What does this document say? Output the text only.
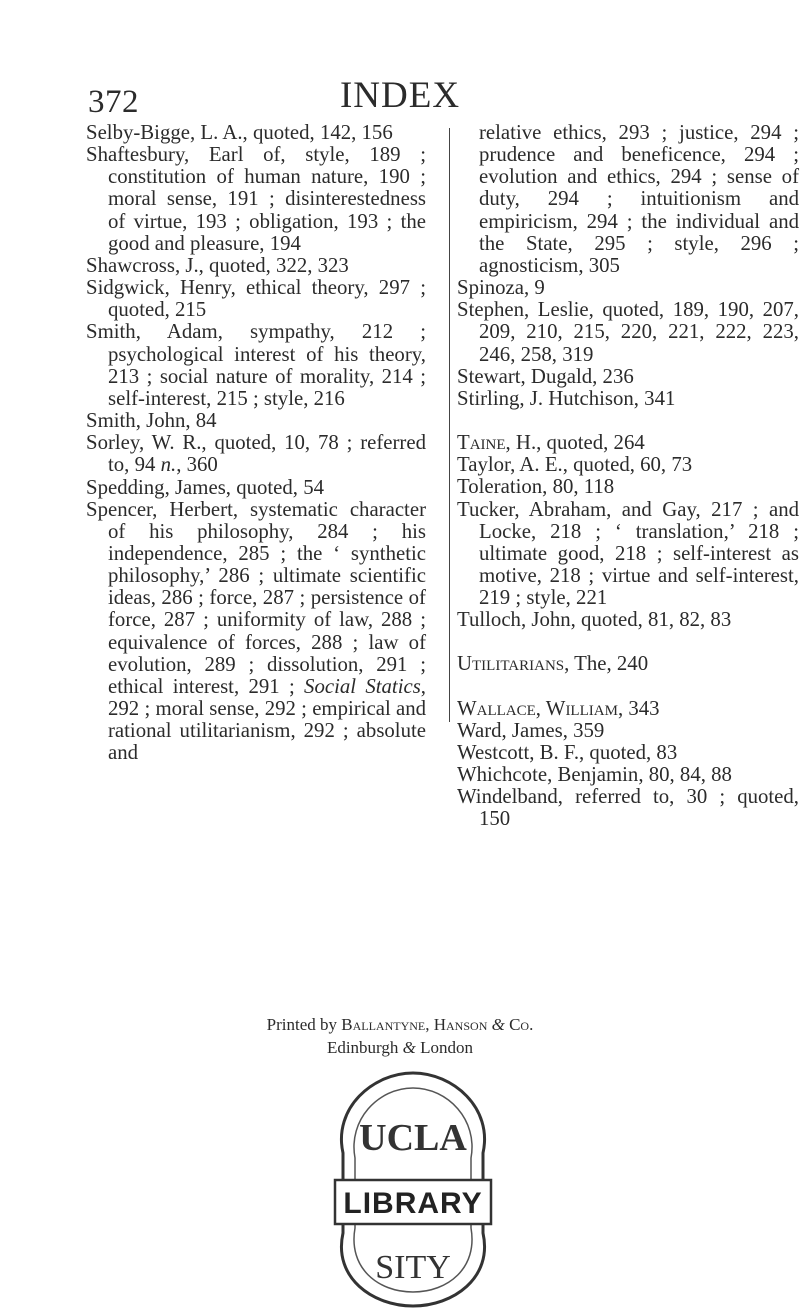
372	INDEX

Selby-Bigge, L. A., quoted, 142, 156

Shaftesbury, Earl of, style, 189 ; constitution of human nature, 190 ; moral sense, 191 ; disinterestedness of virtue, 193 ; obligation, 193 ; the good and pleasure, 194

Shawcross, J., quoted, 322, 323

Sidgwick, Henry, ethical theory, 297 ; quoted, 215

Smith, Adam, sympathy, 212 ; psychological interest of his theory, 213 ; social nature of morality, 214 ; self-interest, 215 ; style, 216

Smith, John, 84

Sorley, W. R., quoted, 10, 78 ; referred to, 94 n., 360

Spedding, James, quoted, 54

Spencer, Herbert, systematic character of his philosophy, 284 ; his independence, 285 ; the ‘ synthetic philosophy,’ 286 ; ultimate scientific ideas, 286 ; force, 287 ; persistence of force, 287 ; uniformity of law, 288 ; equivalence of forces, 288 ; law of evolution, 289 ; dissolution, 291 ; ethical interest, 291 ; Social Statics, 292 ; moral sense, 292 ; empirical and rational utilitarianism, 292 ; absolute and

relative ethics, 293 ; justice, 294 ; prudence and beneficence, 294 ; evolution and ethics, 294 ; sense of duty, 294 ; intuitionism and empiricism, 294 ; the individual and the State, 295 ; style, 296 ; agnosticism, 305

Spinoza, 9

Stephen, Leslie, quoted, 189, 190, 207, 209, 210, 215, 220, 221, 222, 223, 246, 258, 319

Stewart, Dugald, 236

Stirling, J. Hutchison, 341

Taine, H., quoted, 264

Taylor, A. E., quoted, 60, 73

Toleration, 80, 118

Tucker, Abraham, and Gay, 217 ; and Locke, 218 ; ‘ translation,’ 218 ; ultimate good, 218 ; self-interest as motive, 218 ; virtue and self-interest, 219 ; style, 221

Tulloch, John, quoted, 81, 82, 83

Utilitarians, The, 240

Wallace, William, 343

Ward, James, 359

Westcott, B. F., quoted, 83

Whichcote, Benjamin, 80, 84, 88

Windelband, referred to, 30 ; quoted, 150

Printed by Ballantyne, Hanson & Co.
Edinburgh & London
UCLA
LIBRARY
SITY
